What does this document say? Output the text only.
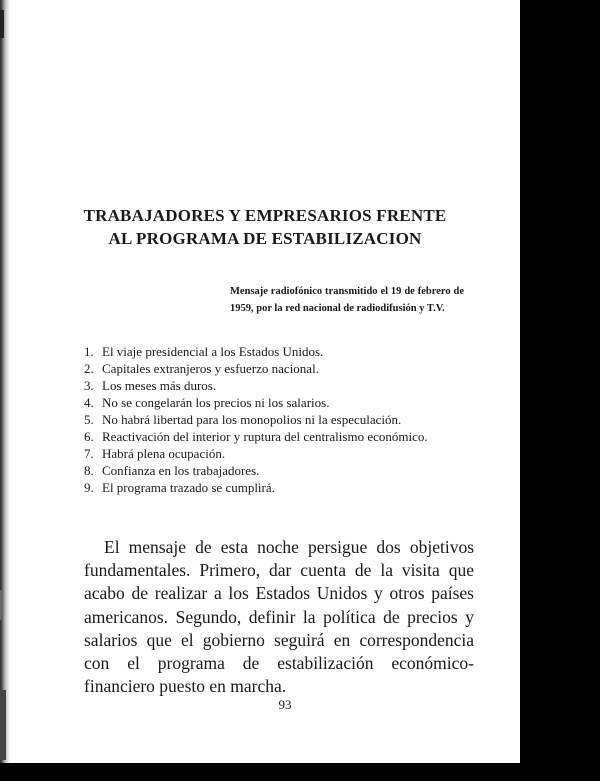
TRABAJADORES Y EMPRESARIOS FRENTE
AL PROGRAMA DE ESTABILIZACION
Mensaje radiofónico transmitido el 19 de febrero de 1959, por la red nacional de radiodifusión y T.V.
1. El viaje presidencial a los Estados Unidos.
2. Capitales extranjeros y esfuerzo nacional.
3. Los meses más duros.
4. No se congelarán los precios ni los salarios.
5. No habrá libertad para los monopolios ni la especulación.
6. Reactivación del interior y ruptura del centralismo económico.
7. Habrá plena ocupación.
8. Confianza en los trabajadores.
9. El programa trazado se cumplirá.

El mensaje de esta noche persigue dos objetivos fundamentales. Primero, dar cuenta de la visita que acabo de realizar a los Estados Unidos y otros países americanos. Segundo, definir la política de precios y salarios que el gobierno seguirá en correspondencia con el programa de estabilización económico-financiero puesto en marcha.

93
